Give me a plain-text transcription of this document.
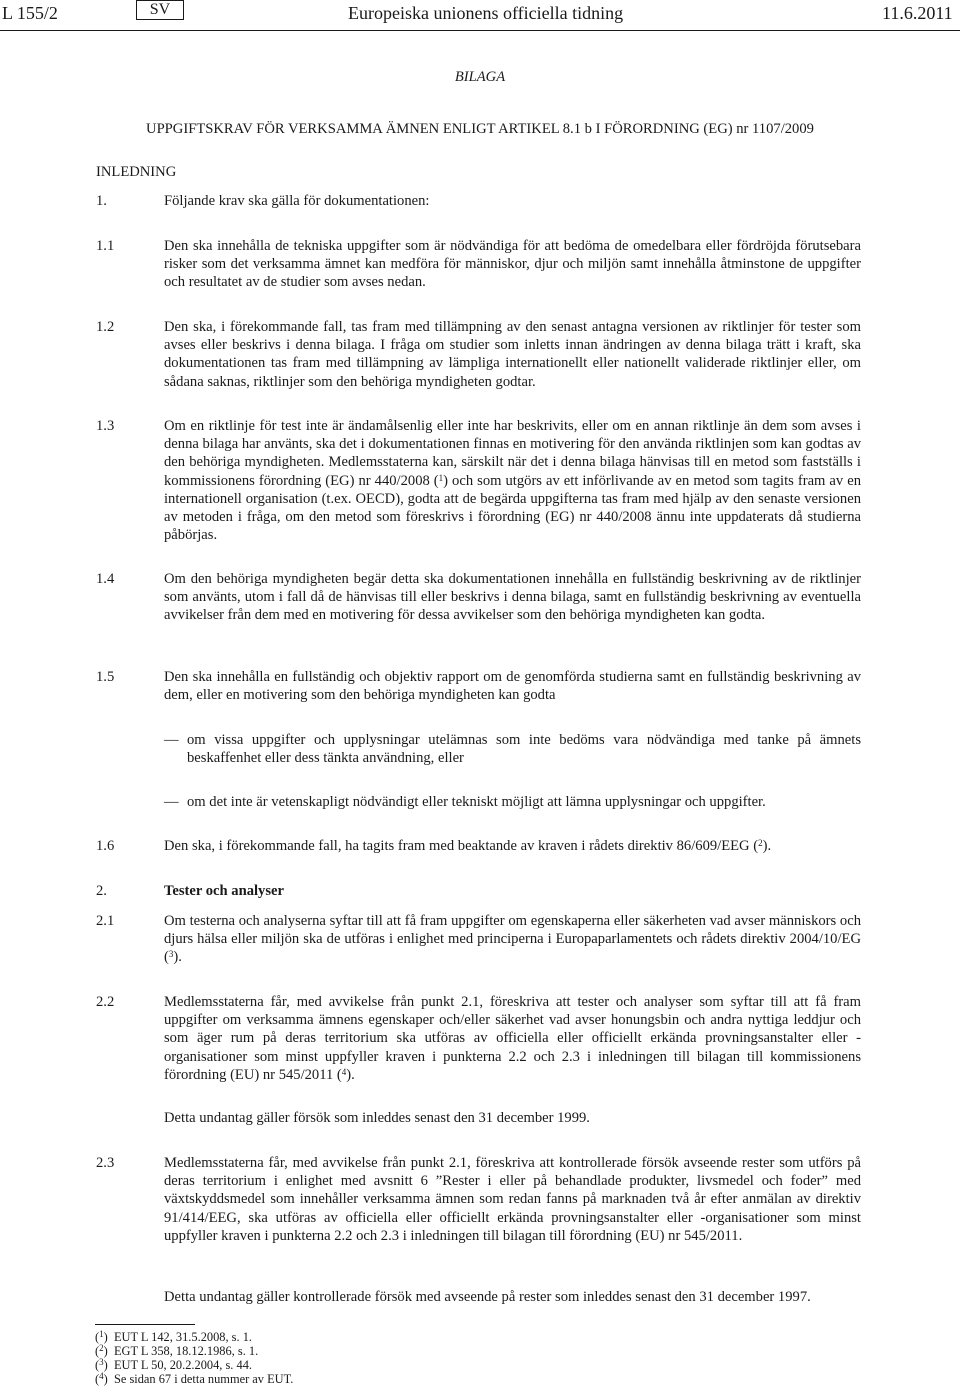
L 155/2	SV	Europeiska unionens officiella tidning	11.6.2011
BILAGA
UPPGIFTSKRAV FÖR VERKSAMMA ÄMNEN ENLIGT ARTIKEL 8.1 b I FÖRORDNING (EG) nr 1107/2009
INLEDNING
1.	Följande krav ska gälla för dokumentationen:
1.1	Den ska innehålla de tekniska uppgifter som är nödvändiga för att bedöma de omedelbara eller fördröjda förutsebara risker som det verksamma ämnet kan medföra för människor, djur och miljön samt innehålla åtminstone de uppgifter och resultatet av de studier som avses nedan.
1.2	Den ska, i förekommande fall, tas fram med tillämpning av den senast antagna versionen av riktlinjer för tester som avses eller beskrivs i denna bilaga. I fråga om studier som inletts innan ändringen av denna bilaga trätt i kraft, ska dokumentationen tas fram med tillämpning av lämpliga internationellt eller nationellt validerade riktlinjer eller, om sådana saknas, riktlinjer som den behöriga myndigheten godtar.
1.3	Om en riktlinje för test inte är ändamålsenlig eller inte har beskrivits, eller om en annan riktlinje än dem som avses i denna bilaga har använts, ska det i dokumentationen finnas en motivering för den använda riktlinjen som kan godtas av den behöriga myndigheten. Medlemsstaterna kan, särskilt när det i denna bilaga hänvisas till en metod som fastställs i kommissionens förordning (EG) nr 440/2008 ($^1$) och som utgörs av ett införlivande av en metod som tagits fram av en internationell organisation (t.ex. OECD), godta att de begärda uppgifterna tas fram med hjälp av den senaste versionen av metoden i fråga, om den metod som föreskrivs i förordning (EG) nr 440/2008 ännu inte uppdaterats då studierna påbörjas.
1.4	Om den behöriga myndigheten begär detta ska dokumentationen innehålla en fullständig beskrivning av de riktlinjer som använts, utom i fall då de hänvisas till eller beskrivs i denna bilaga, samt en fullständig beskrivning av eventuella avvikelser från dem med en motivering för dessa avvikelser som den behöriga myndigheten kan godta.
1.5	Den ska innehålla en fullständig och objektiv rapport om de genomförda studierna samt en fullständig beskrivning av dem, eller en motivering som den behöriga myndigheten kan godta
— om vissa uppgifter och upplysningar utelämnas som inte bedöms vara nödvändiga med tanke på ämnets beskaffenhet eller dess tänkta användning, eller
— om det inte är vetenskapligt nödvändigt eller tekniskt möjligt att lämna upplysningar och uppgifter.
1.6	Den ska, i förekommande fall, ha tagits fram med beaktande av kraven i rådets direktiv 86/609/EEG ($^2$).
2.	Tester och analyser
2.1	Om testerna och analyserna syftar till att få fram uppgifter om egenskaperna eller säkerheten vad avser människors och djurs hälsa eller miljön ska de utföras i enlighet med principerna i Europaparlamentets och rådets direktiv 2004/10/EG ($^3$).
2.2	Medlemsstaterna får, med avvikelse från punkt 2.1, föreskriva att tester och analyser som syftar till att få fram uppgifter om verksamma ämnens egenskaper och/eller säkerhet vad avser honungsbin och andra nyttiga leddjur och som äger rum på deras territorium ska utföras av officiella eller officiellt erkända provningsanstalter eller -organisationer som minst uppfyller kraven i punkterna 2.2 och 2.3 i inledningen till bilagan till kommissionens förordning (EU) nr 545/2011 ($^4$).
Detta undantag gäller försök som inleddes senast den 31 december 1999.
2.3	Medlemsstaterna får, med avvikelse från punkt 2.1, föreskriva att kontrollerade försök avseende rester som utförs på deras territorium i enlighet med avsnitt 6 ”Rester i eller på behandlade produkter, livsmedel och foder” med växtskyddsmedel som innehåller verksamma ämnen som redan fanns på marknaden två år efter anmälan av direktiv 91/414/EEG, ska utföras av officiella eller officiellt erkända provningsanstalter eller -organisationer som minst uppfyller kraven i punkterna 2.2 och 2.3 i inledningen till bilagan till förordning (EU) nr 545/2011.
Detta undantag gäller kontrollerade försök med avseende på rester som inleddes senast den 31 december 1997.
($^1$)  EUT L 142, 31.5.2008, s. 1.
($^2$)  EGT L 358, 18.12.1986, s. 1.
($^3$)  EUT L 50, 20.2.2004, s. 44.
($^4$)  Se sidan 67 i detta nummer av EUT.
